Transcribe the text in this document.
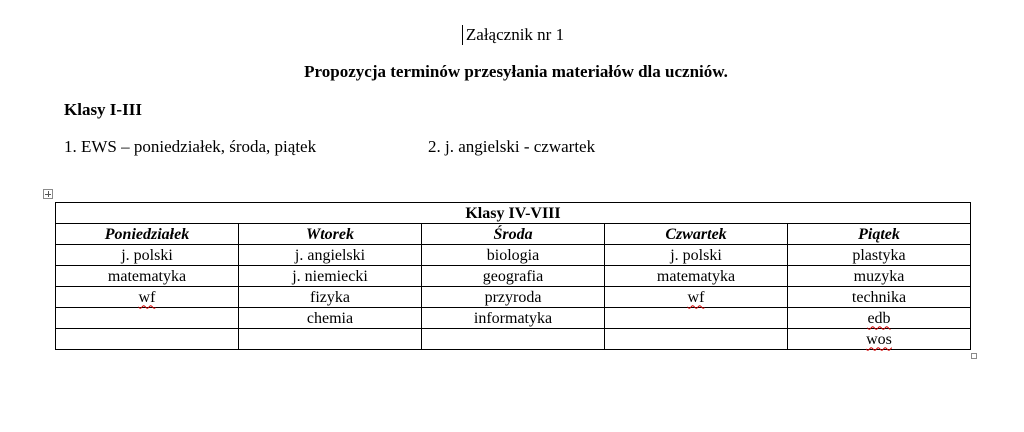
Załącznik nr 1
Propozycja terminów przesyłania materiałów dla uczniów.
Klasy I-III
1. EWS – poniedziałek, środa, piątek	2. j. angielski - czwartek
Klasy IV-VIII				
Poniedziałek	Wtorek	Środa	Czwartek	Piątek
j. polski	j. angielski	biologia	j. polski	plastyka
matematyka	j. niemiecki	geografia	matematyka	muzyka
wf	fizyka	przyroda	wf	technika
	chemia	informatyka		edb
				wos
